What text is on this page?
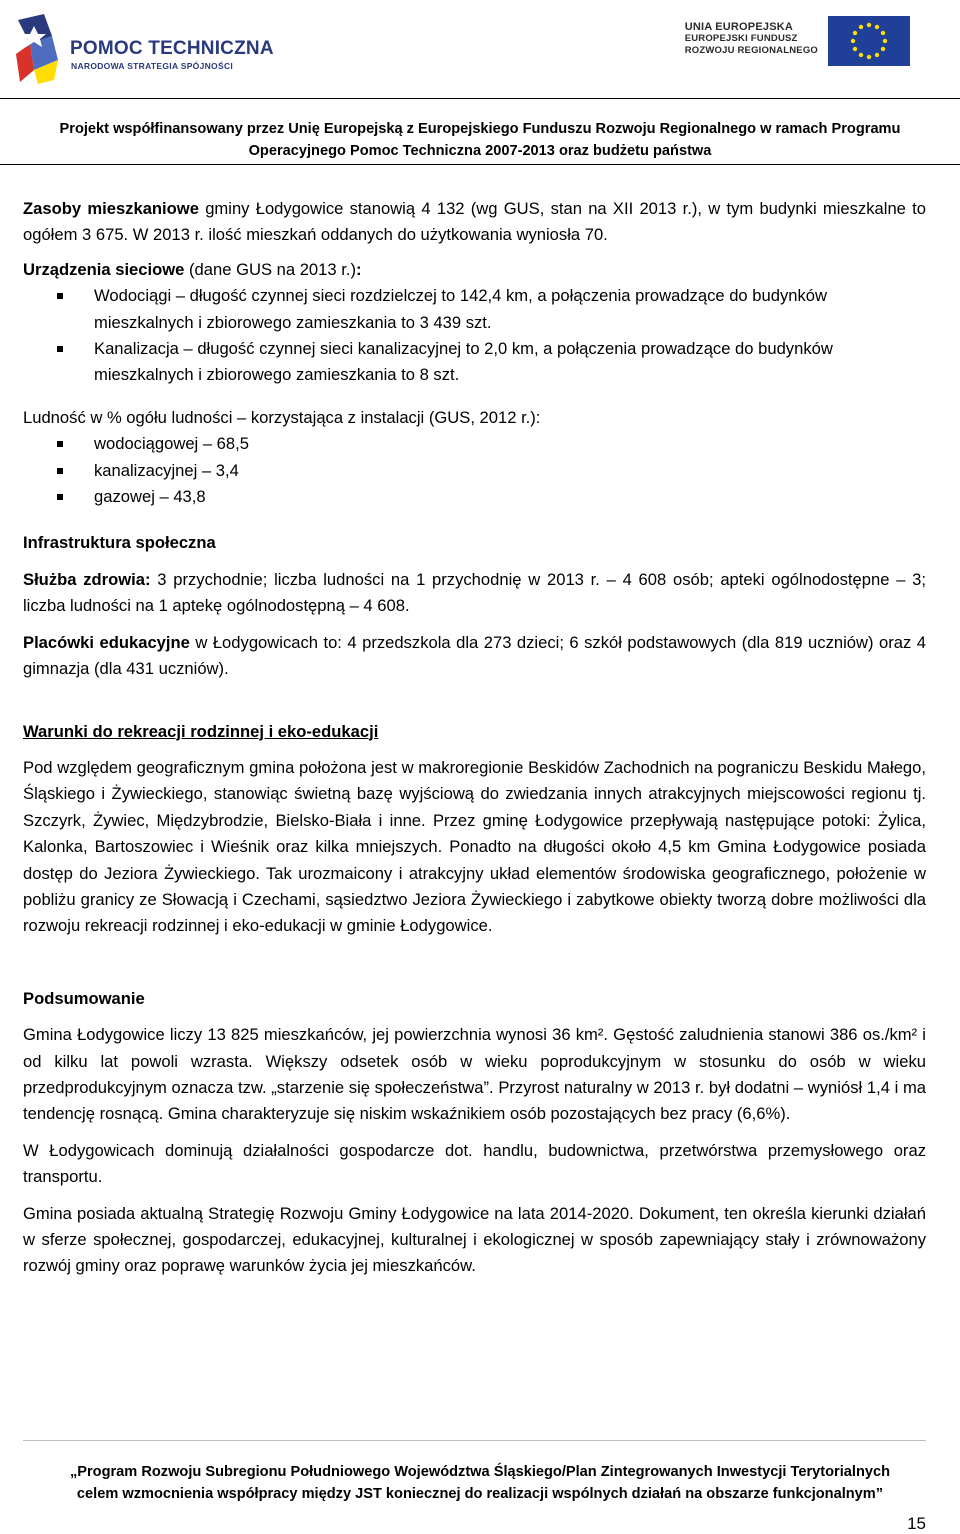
POMOC TECHNICZNA
NARODOWA STRATEGIA SPÓJNOŚCI
UNIA EUROPEJSKA
EUROPEJSKI FUNDUSZ
ROZWOJU REGIONALNEGO
Projekt współfinansowany przez Unię Europejską z Europejskiego Funduszu Rozwoju Regionalnego w ramach Programu
Operacyjnego Pomoc Techniczna 2007-2013 oraz budżetu państwa

Zasoby mieszkaniowe gminy Łodygowice stanowią 4 132 (wg GUS, stan na XII 2013 r.), w tym budynki mieszkalne to ogółem 3 675. W 2013 r. ilość mieszkań oddanych do użytkowania wyniosła 70.

Urządzenia sieciowe (dane GUS na 2013 r.):

Wodociągi – długość czynnej sieci rozdzielczej to 142,4 km, a połączenia prowadzące do budynków mieszkalnych i zbiorowego zamieszkania to 3 439 szt.
Kanalizacja – długość czynnej sieci kanalizacyjnej to 2,0 km, a połączenia prowadzące do budynków mieszkalnych i zbiorowego zamieszkania to 8 szt.

Ludność w % ogółu ludności – korzystająca z instalacji (GUS, 2012 r.):

wodociągowej – 68,5
kanalizacyjnej – 3,4
gazowej – 43,8

Infrastruktura społeczna

Służba zdrowia: 3 przychodnie; liczba ludności na 1 przychodnię w 2013 r. – 4 608 osób; apteki ogólnodostępne – 3; liczba ludności na 1 aptekę ogólnodostępną – 4 608.

Placówki edukacyjne w Łodygowicach to: 4 przedszkola dla 273 dzieci; 6 szkół podstawowych (dla 819 uczniów) oraz 4 gimnazja (dla 431 uczniów).

Warunki do rekreacji rodzinnej i eko-edukacji

Pod względem geograficznym gmina położona jest w makroregionie Beskidów Zachodnich na pograniczu Beskidu Małego, Śląskiego i Żywieckiego, stanowiąc świetną bazę wyjściową do zwiedzania innych atrakcyjnych miejscowości regionu tj. Szczyrk, Żywiec, Międzybrodzie, Bielsko-Biała i inne. Przez gminę Łodygowice przepływają następujące potoki: Żylica, Kalonka, Bartoszowiec i Wieśnik oraz kilka mniejszych. Ponadto na długości około 4,5 km Gmina Łodygowice posiada dostęp do Jeziora Żywieckiego. Tak urozmaicony i atrakcyjny układ elementów środowiska geograficznego, położenie w pobliżu granicy ze Słowacją i Czechami, sąsiedztwo Jeziora Żywieckiego i zabytkowe obiekty tworzą dobre możliwości dla rozwoju rekreacji rodzinnej i eko-edukacji w gminie Łodygowice.

Podsumowanie

Gmina Łodygowice liczy 13 825 mieszkańców, jej powierzchnia wynosi 36 km². Gęstość zaludnienia stanowi 386 os./km² i od kilku lat powoli wzrasta. Większy odsetek osób w wieku poprodukcyjnym w stosunku do osób w wieku przedprodukcyjnym oznacza tzw. „starzenie się społeczeństwa”. Przyrost naturalny w 2013 r. był dodatni – wyniósł 1,4 i ma tendencję rosnącą. Gmina charakteryzuje się niskim wskaźnikiem osób pozostających bez pracy (6,6%).

W Łodygowicach dominują działalności gospodarcze dot. handlu, budownictwa, przetwórstwa przemysłowego oraz transportu.

Gmina posiada aktualną Strategię Rozwoju Gminy Łodygowice na lata 2014-2020. Dokument, ten określa kierunki działań w sferze społecznej, gospodarczej, edukacyjnej, kulturalnej i ekologicznej w sposób zapewniający stały i zrównoważony rozwój gminy oraz poprawę warunków życia jej mieszkańców.

„Program Rozwoju Subregionu Południowego Województwa Śląskiego/Plan Zintegrowanych Inwestycji Terytorialnych
celem wzmocnienia współpracy między JST koniecznej do realizacji wspólnych działań na obszarze funkcjonalnym”
15
